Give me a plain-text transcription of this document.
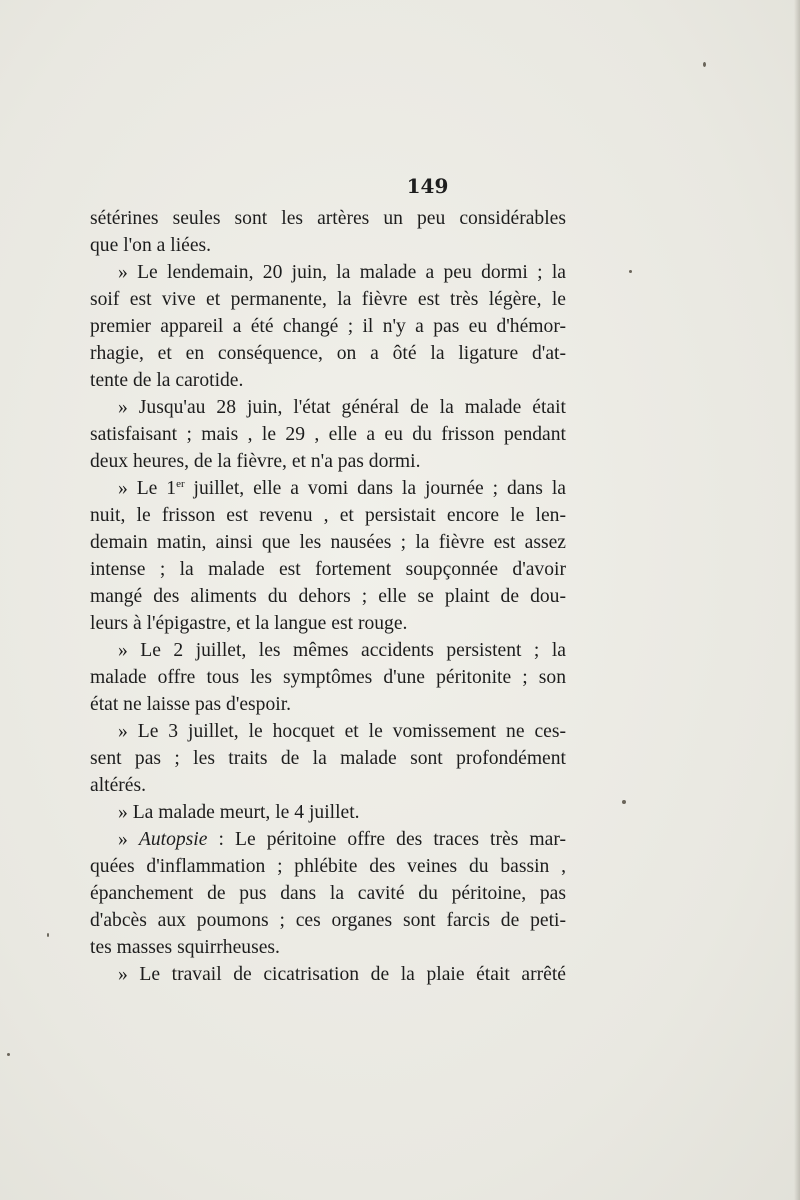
149
sétérines seules sont les artères un peu considérables
que l'on a liées.
» Le lendemain, 20 juin, la malade a peu dormi ; la
soif est vive et permanente, la fièvre est très légère, le
premier appareil a été changé ; il n'y a pas eu d'hémor-
rhagie, et en conséquence, on a ôté la ligature d'at-
tente de la carotide.
» Jusqu'au 28 juin, l'état général de la malade était
satisfaisant ; mais , le 29 , elle a eu du frisson pendant
deux heures, de la fièvre, et n'a pas dormi.
» Le 1er juillet, elle a vomi dans la journée ; dans la
nuit, le frisson est revenu , et persistait encore le len-
demain matin, ainsi que les nausées ; la fièvre est assez
intense ; la malade est fortement soupçonnée d'avoir
mangé des aliments du dehors ; elle se plaint de dou-
leurs à l'épigastre, et la langue est rouge.
» Le 2 juillet, les mêmes accidents persistent ; la
malade offre tous les symptômes d'une péritonite ; son
état ne laisse pas d'espoir.
» Le 3 juillet, le hocquet et le vomissement ne ces-
sent pas ; les traits de la malade sont profondément
altérés.
» La malade meurt, le 4 juillet.
» Autopsie : Le péritoine offre des traces très mar-
quées d'inflammation ; phlébite des veines du bassin ,
épanchement de pus dans la cavité du péritoine, pas
d'abcès aux poumons ; ces organes sont farcis de peti-
tes masses squirrheuses.
» Le travail de cicatrisation de la plaie était arrêté
